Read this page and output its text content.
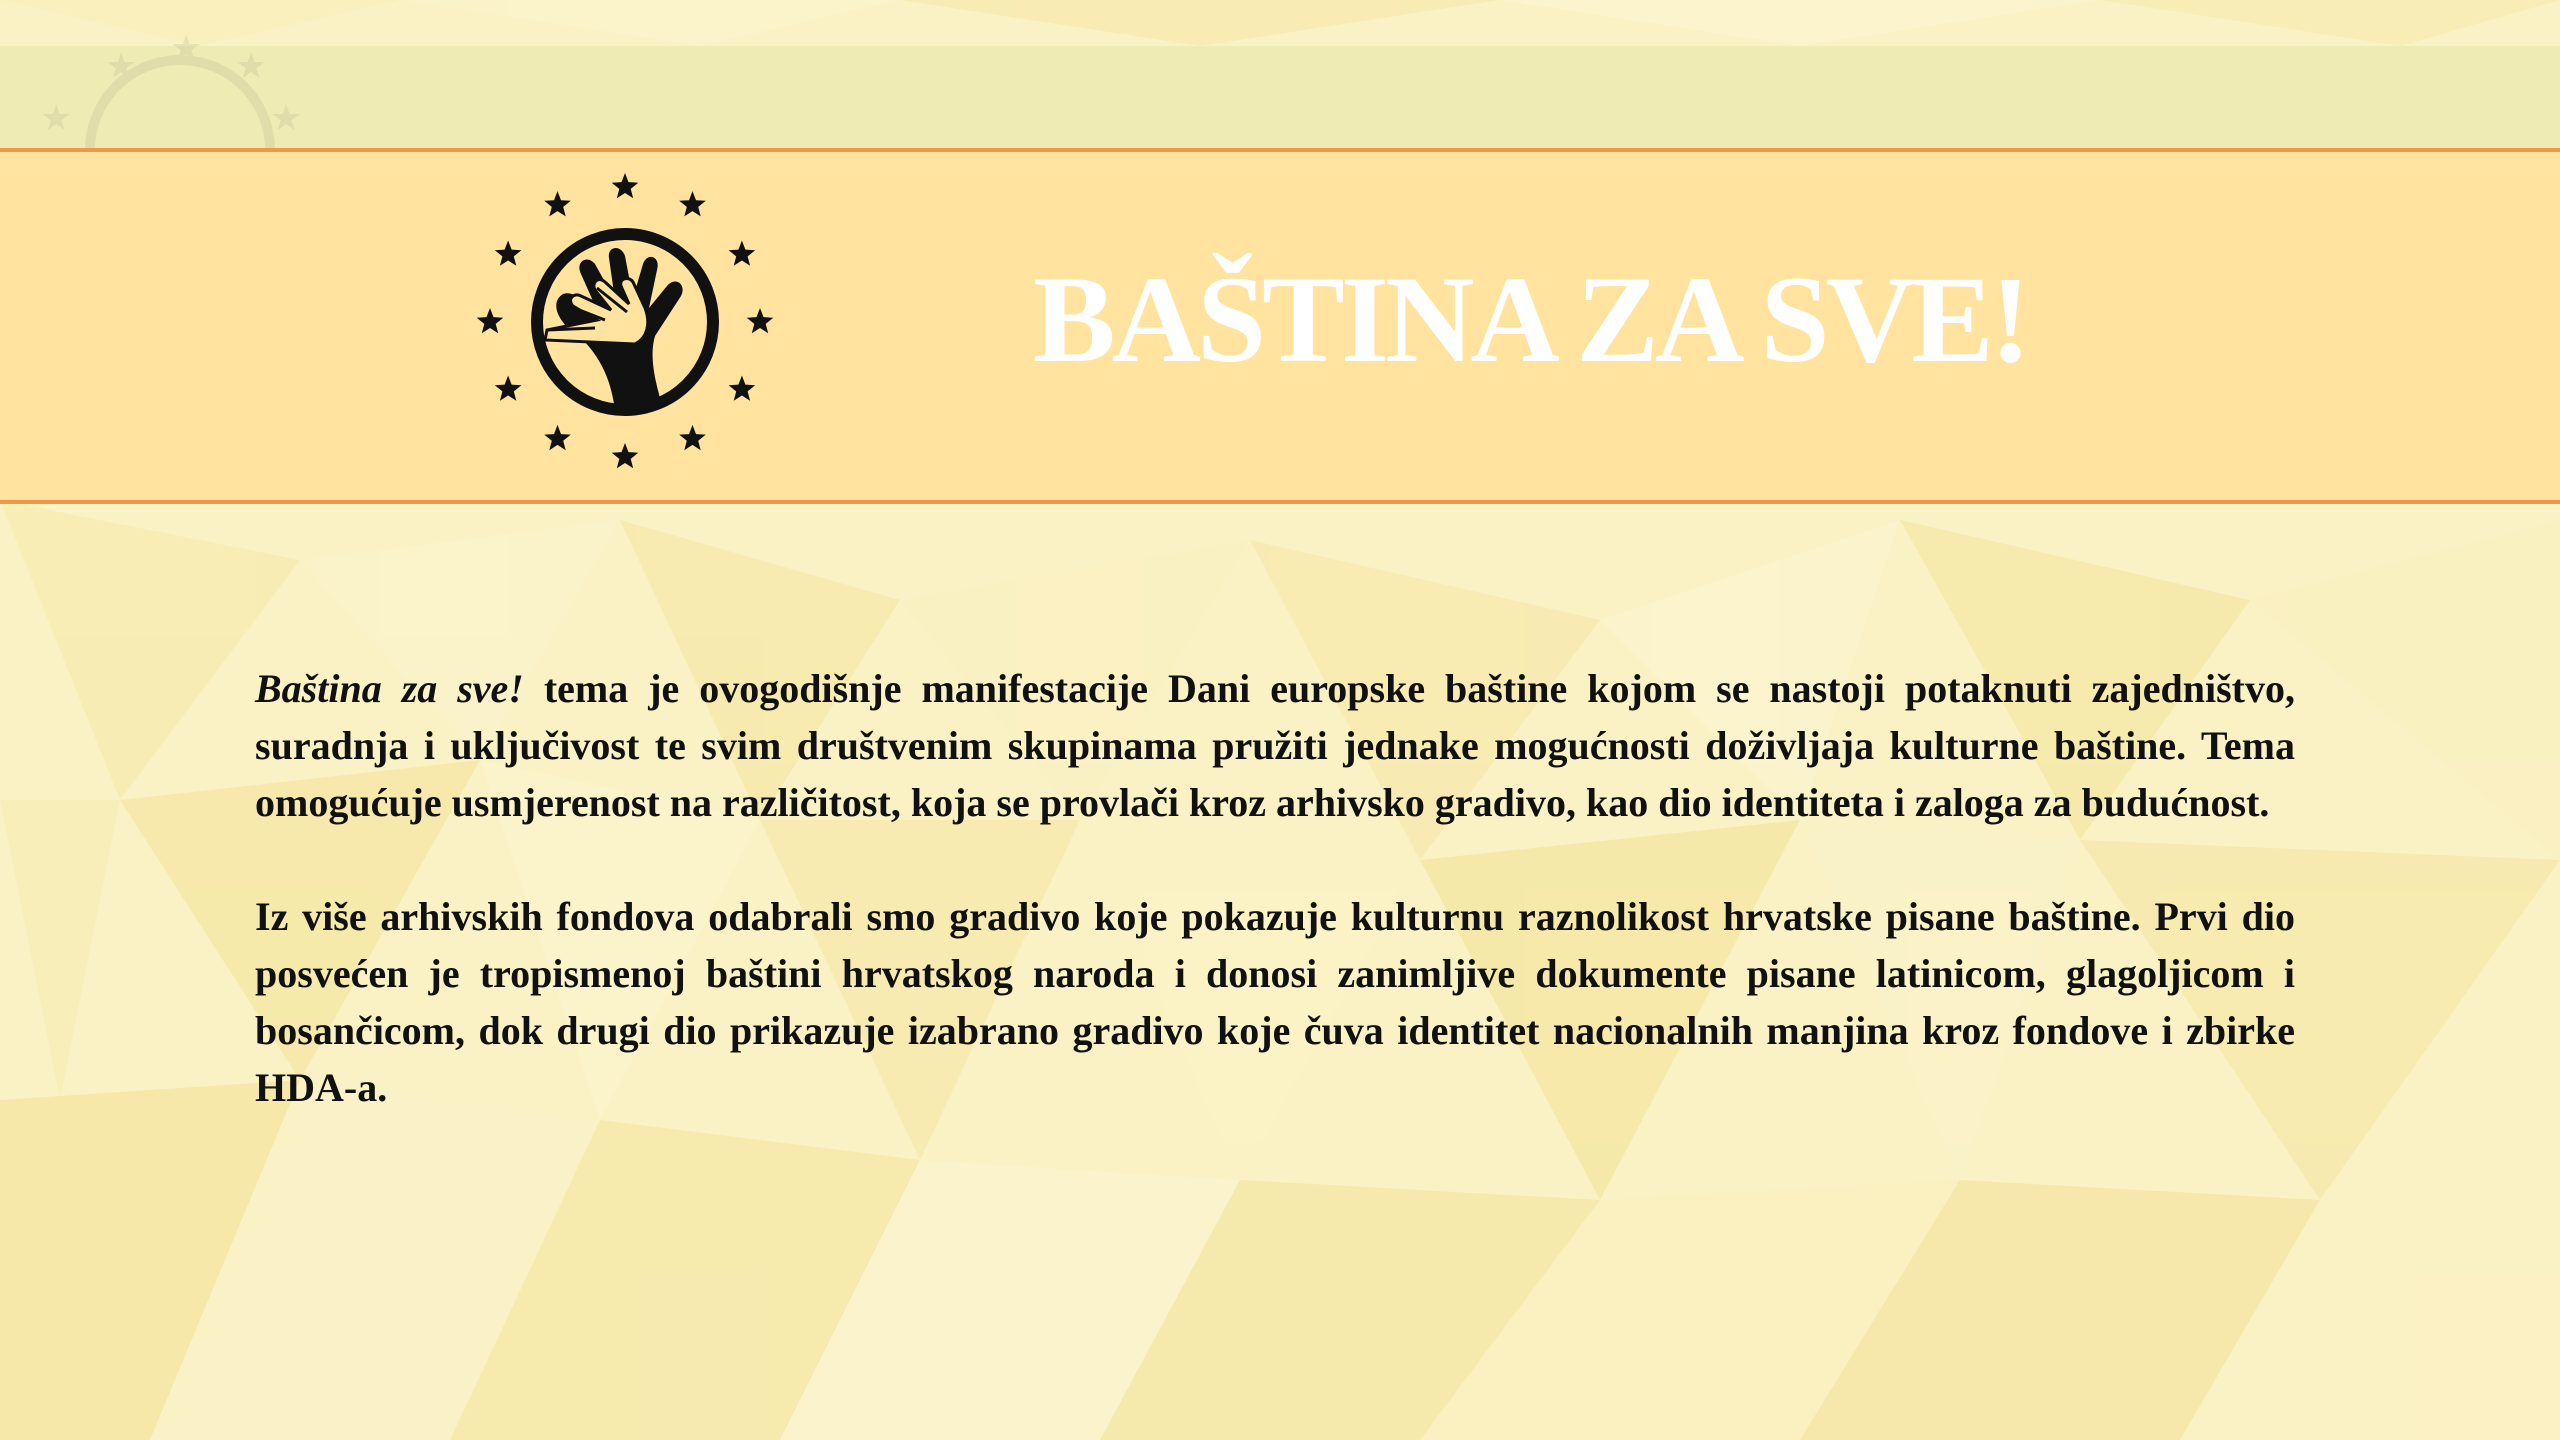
★ ★ ★
★	★
BAŠTINA ZA SVE!

Baština za sve! tema je ovogodišnje manifestacije Dani europske baštine kojom se nastoji potaknuti zajedništvo, suradnja i uključivost te svim društvenim skupinama pružiti jednake mogućnosti doživljaja kulturne baštine. Tema omogućuje usmjerenost na različitost, koja se provlači kroz arhivsko gradivo, kao dio identiteta i zaloga za budućnost.

Iz više arhivskih fondova odabrali smo gradivo koje pokazuje kulturnu raznolikost hrvatske pisane baštine. Prvi dio posvećen je tropismenoj baštini hrvatskog naroda i donosi zanimljive dokumente pisane latinicom, glagoljicom i bosančicom, dok drugi dio prikazuje izabrano gradivo koje čuva identitet nacionalnih manjina kroz fondove i zbirke HDA-a.
